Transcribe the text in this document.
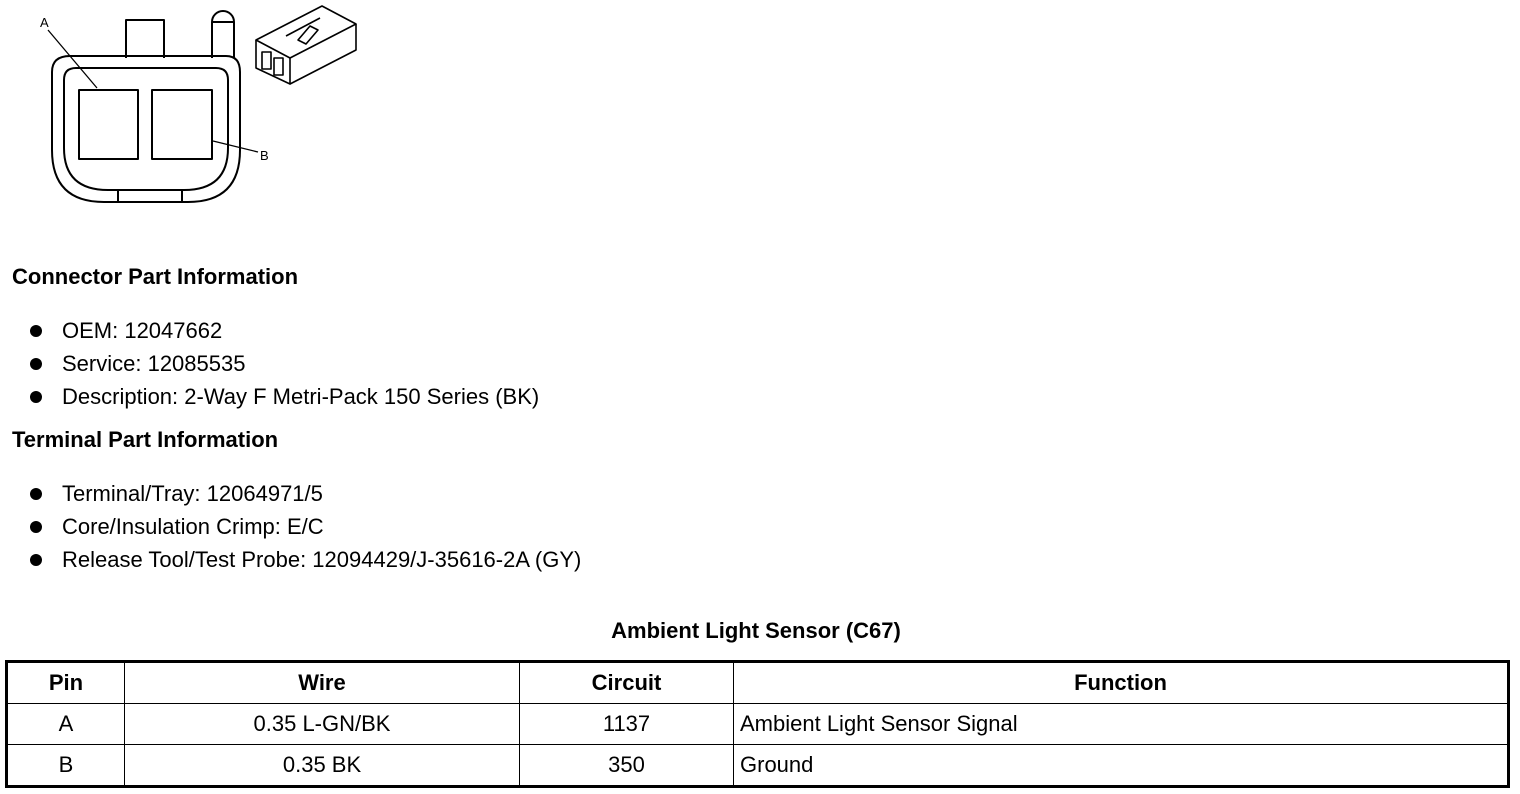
A
B
Connector Part Information
OEM: 12047662
Service: 12085535
Description: 2-Way F Metri-Pack 150 Series (BK)
Terminal Part Information
Terminal/Tray: 12064971/5
Core/Insulation Crimp: E/C
Release Tool/Test Probe: 12094429/J-35616-2A (GY)
Ambient Light Sensor (C67)
Pin	Wire	Circuit	Function
A	0.35 L-GN/BK	1137	Ambient Light Sensor Signal
B	0.35 BK	350	Ground
